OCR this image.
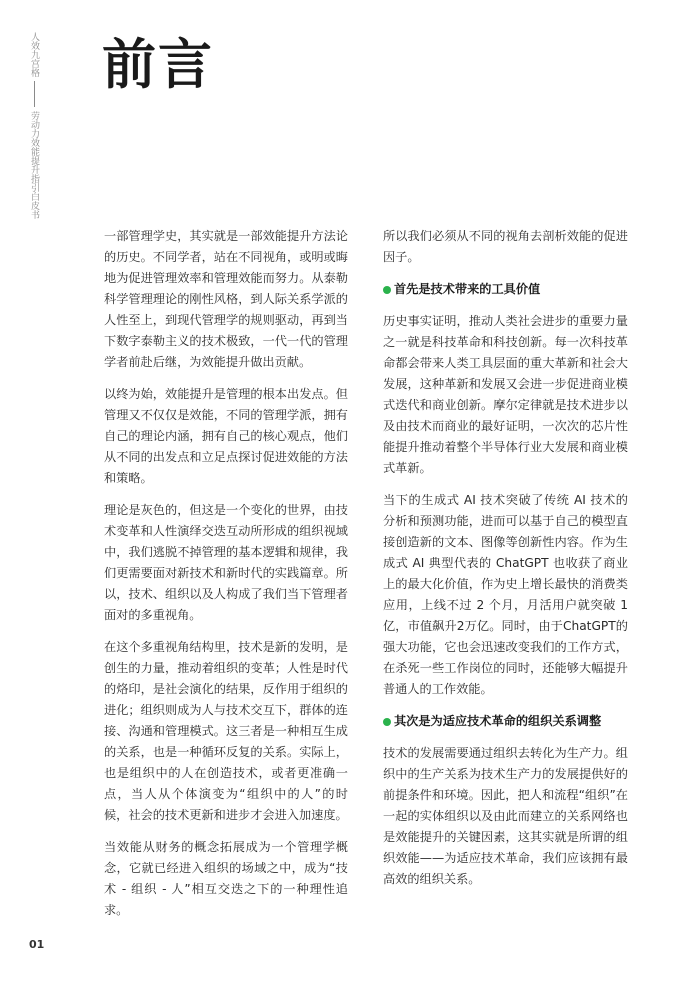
人效九宫格
劳动力效能提升指引白皮书
前言

一部管理学史，其实就是一部效能提升方法论的历史。不同学者，站在不同视角，或明或晦地为促进管理效率和管理效能而努力。从泰勒科学管理理论的刚性风格，到人际关系学派的人性至上，到现代管理学的规则驱动，再到当下数字泰勒主义的技术极致，一代一代的管理学者前赴后继，为效能提升做出贡献。

以终为始，效能提升是管理的根本出发点。但管理又不仅仅是效能，不同的管理学派，拥有自己的理论内涵，拥有自己的核心观点，他们从不同的出发点和立足点探讨促进效能的方法和策略。

理论是灰色的，但这是一个变化的世界，由技术变革和人性演绎交迭互动所形成的组织视域中，我们逃脱不掉管理的基本逻辑和规律，我们更需要面对新技术和新时代的实践篇章。所以，技术、组织以及人构成了我们当下管理者面对的多重视角。

在这个多重视角结构里，技术是新的发明，是创生的力量，推动着组织的变革；人性是时代的烙印，是社会演化的结果，反作用于组织的进化；组织则成为人与技术交互下，群体的连接、沟通和管理模式。这三者是一种相互生成的关系，也是一种循环反复的关系。实际上，也是组织中的人在创造技术，或者更准确一点，当人从个体演变为“组织中的人”的时候，社会的技术更新和进步才会进入加速度。

当效能从财务的概念拓展成为一个管理学概念，它就已经进入组织的场域之中，成为“技术 - 组织 - 人”相互交迭之下的一种理性追求。

所以我们必须从不同的视角去剖析效能的促进因子。

首先是技术带来的工具价值

历史事实证明，推动人类社会进步的重要力量之一就是科技革命和科技创新。每一次科技革命都会带来人类工具层面的重大革新和社会大发展，这种革新和发展又会进一步促进商业模式迭代和商业创新。摩尔定律就是技术进步以及由技术而商业的最好证明，一次次的芯片性能提升推动着整个半导体行业大发展和商业模式革新。

当下的生成式 AI 技术突破了传统 AI 技术的分析和预测功能，进而可以基于自己的模型直接创造新的文本、图像等创新性内容。作为生成式 AI 典型代表的 ChatGPT 也收获了商业上的最大化价值，作为史上增长最快的消费类应用，上线不过 2 个月，月活用户就突破 1 亿，市值飙升2万亿。同时，由于ChatGPT的强大功能，它也会迅速改变我们的工作方式，在杀死一些工作岗位的同时，还能够大幅提升普通人的工作效能。

其次是为适应技术革命的组织关系调整

技术的发展需要通过组织去转化为生产力。组织中的生产关系为技术生产力的发展提供好的前提条件和环境。因此，把人和流程“组织”在一起的实体组织以及由此而建立的关系网络也是效能提升的关键因素，这其实就是所谓的组织效能——为适应技术革命，我们应该拥有最高效的组织关系。

01
